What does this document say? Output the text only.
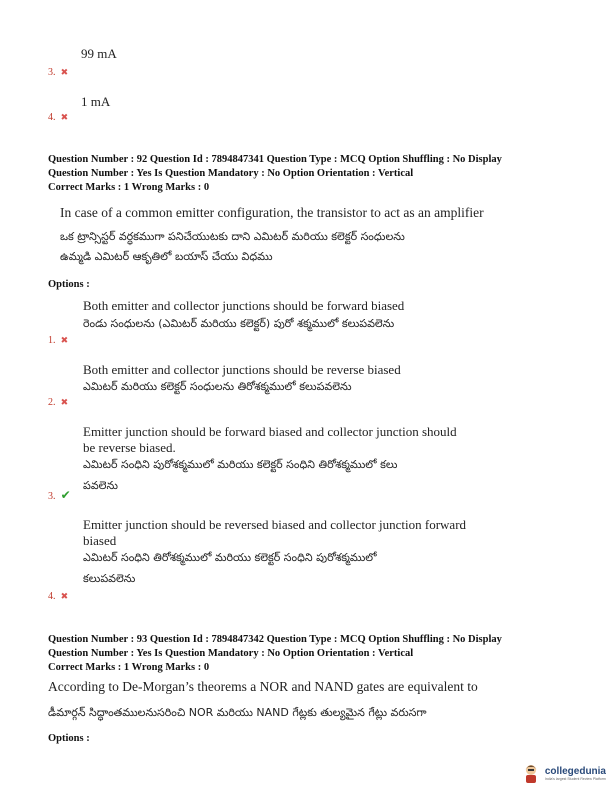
99 mA
3. ✖
1 mA
4. ✖
Question Number : 92 Question Id : 7894847341 Question Type : MCQ Option Shuffling : No Display
Question Number : Yes Is Question Mandatory : No Option Orientation : Vertical
Correct Marks : 1 Wrong Marks : 0
In case of a common emitter configuration, the transistor to act as an amplifier
ఒక ట్రాన్సిస్టర్ వర్ధకముగా పనిచేయుటకు దాని ఎమిటర్ మరియు కలెక్టర్ సంధులను
ఉమ్మడి ఎమిటర్ ఆకృతిలో బయాస్ చేయు విధము
Options :
Both emitter and collector junctions should be forward biased
రెండు సంధులను (ఎమిటర్ మరియు కలెక్టర్) పురో శక్మములో కలుపవలెను
1. ✖
Both emitter and collector junctions should be reverse biased
ఎమిటర్ మరియు కలెక్టర్ సంధులను తిరోశక్మములో కలుపవలెను
2. ✖
Emitter junction should be forward biased and collector junction should
be reverse biased.
ఎమిటర్ సంధిని పురోశక్మములో మరియు కలెక్టర్ సంధిని తిరోశక్మములో కలు
పవలెను
3. ✔
Emitter junction should be reversed biased and collector junction forward
biased
ఎమిటర్ సంధిని తిరోశక్మములో మరియు కలెక్టర్ సంధిని పురోశక్మములో
కలుపవలెను
4. ✖
Question Number : 93 Question Id : 7894847342 Question Type : MCQ Option Shuffling : No Display
Question Number : Yes Is Question Mandatory : No Option Orientation : Vertical
Correct Marks : 1 Wrong Marks : 0
According to De-Morgan’s theorems a NOR and NAND gates are equivalent to
డీమార్గన్ సిద్ధాంతములనుసరించి NOR మరియు NAND గేట్లకు తుల్యమైన గేట్లు వరుసగా
Options :
collegedunia
India's largest Student Review Platform
